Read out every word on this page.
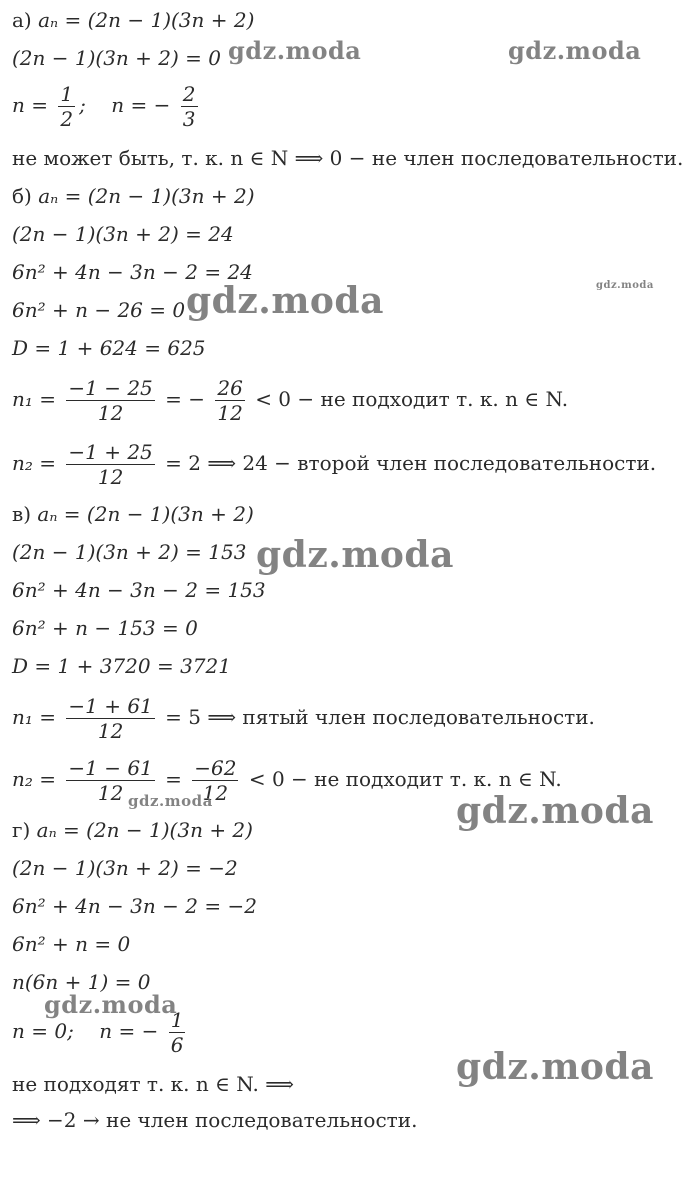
а) aₙ = (2n − 1)(3n + 2)
(2n − 1)(3n + 2) = 0
$n = \frac{1}{2}$ ; n = − $\frac{2}{3}$
не может быть, т. к. n ∈ N ⟹ 0 − не член последовательности.
б) aₙ = (2n − 1)(3n + 2)
(2n − 1)(3n + 2) = 24
6n² + 4n − 3n − 2 = 24
6n² + n − 26 = 0
D = 1 + 624 = 625
$n_1 = \frac{-1 - 25}{12}$ = − $\frac{26}{12} < 0$ − не подходит т. к. n ∈ N.
$n_2 = \frac{-1 + 25}{12} = 2$ ⟹ 24 − второй член последовательности.
в) aₙ = (2n − 1)(3n + 2)
(2n − 1)(3n + 2) = 153
6n² + 4n − 3n − 2 = 153
6n² + n − 153 = 0
D = 1 + 3720 = 3721
$n_1 = \frac{-1 + 61}{12} = 5$ ⟹ пятый член последовательности.
$n_2 = \frac{-1 - 61}{12} = \frac{-62}{12} < 0$ − не подходит т. к. n ∈ N.
г) aₙ = (2n − 1)(3n + 2)
(2n − 1)(3n + 2) = −2
6n² + 4n − 3n − 2 = −2
6n² + n = 0
n(6n + 1) = 0
n = 0; n = − $\frac{1}{6}$
не подходят т. к. n ∈ N. ⟹
⟹ −2 → не член последовательности.
gdz.moda	gdz.moda
gdz.moda
gdz.moda
gdz.moda
gdz.moda	gdz.moda
gdz.moda
gdz.moda
